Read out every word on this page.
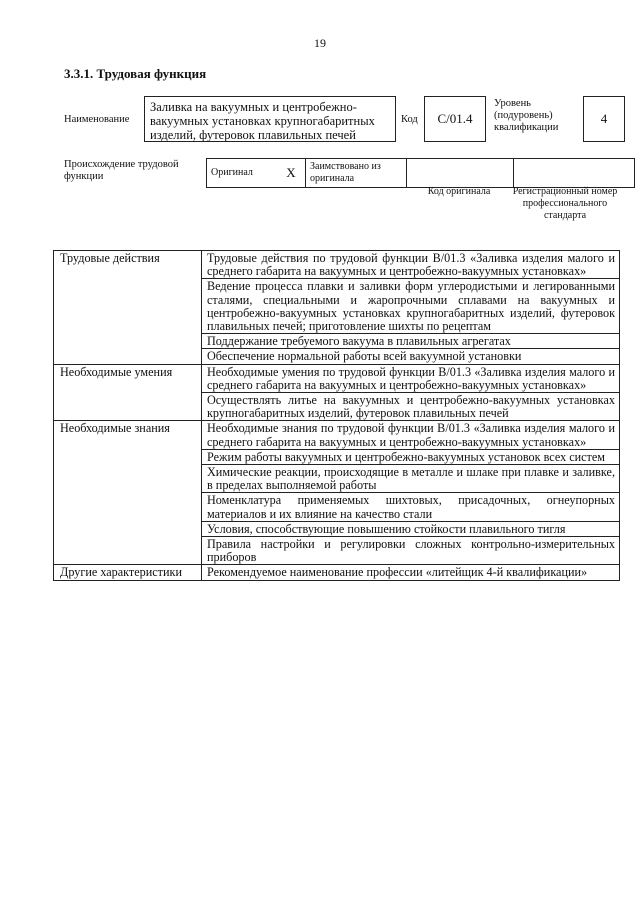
19
3.3.1. Трудовая функция
Наименование
Заливка на вакуумных и центробежно-вакуумных установках крупногабаритных изделий, футеровок плавильных печей
Код С/01.4
Уровень (подуровень) квалификации
4
Происхождение трудовой функции	Оригинал	X	Заимствовано из оригинала		
Код оригинала	Регистрационный номер профессионального стандарта
Трудовые действия	Трудовые действия по трудовой функции В/01.3 «Заливка изделия малого и среднего габарита на вакуумных и центробежно-вакуумных установках»
	Ведение процесса плавки и заливки форм углеродистыми и легированными сталями, специальными и жаропрочными сплавами на вакуумных и центробежно-вакуумных установках крупногабаритных изделий, футеровок плавильных печей; приготовление шихты по рецептам
	Поддержание требуемого вакуума в плавильных агрегатах
	Обеспечение нормальной работы всей вакуумной установки
Необходимые умения	Необходимые умения по трудовой функции В/01.3 «Заливка изделия малого и среднего габарита на вакуумных и центробежно-вакуумных установках»
	Осуществлять литье на вакуумных и центробежно-вакуумных установках крупногабаритных изделий, футеровок плавильных печей
Необходимые знания	Необходимые знания по трудовой функции В/01.3 «Заливка изделия малого и среднего габарита на вакуумных и центробежно-вакуумных установках»
	Режим работы вакуумных и центробежно-вакуумных установок всех систем
	Химические реакции, происходящие в металле и шлаке при плавке и заливке, в пределах выполняемой работы
	Номенклатура применяемых шихтовых, присадочных, огнеупорных материалов и их влияние на качество стали
	Условия, способствующие повышению стойкости плавильного тигля
	Правила настройки и регулировки сложных контрольно-измерительных приборов
Другие характеристики	Рекомендуемое наименование профессии «литейщик 4-й квалификации»
